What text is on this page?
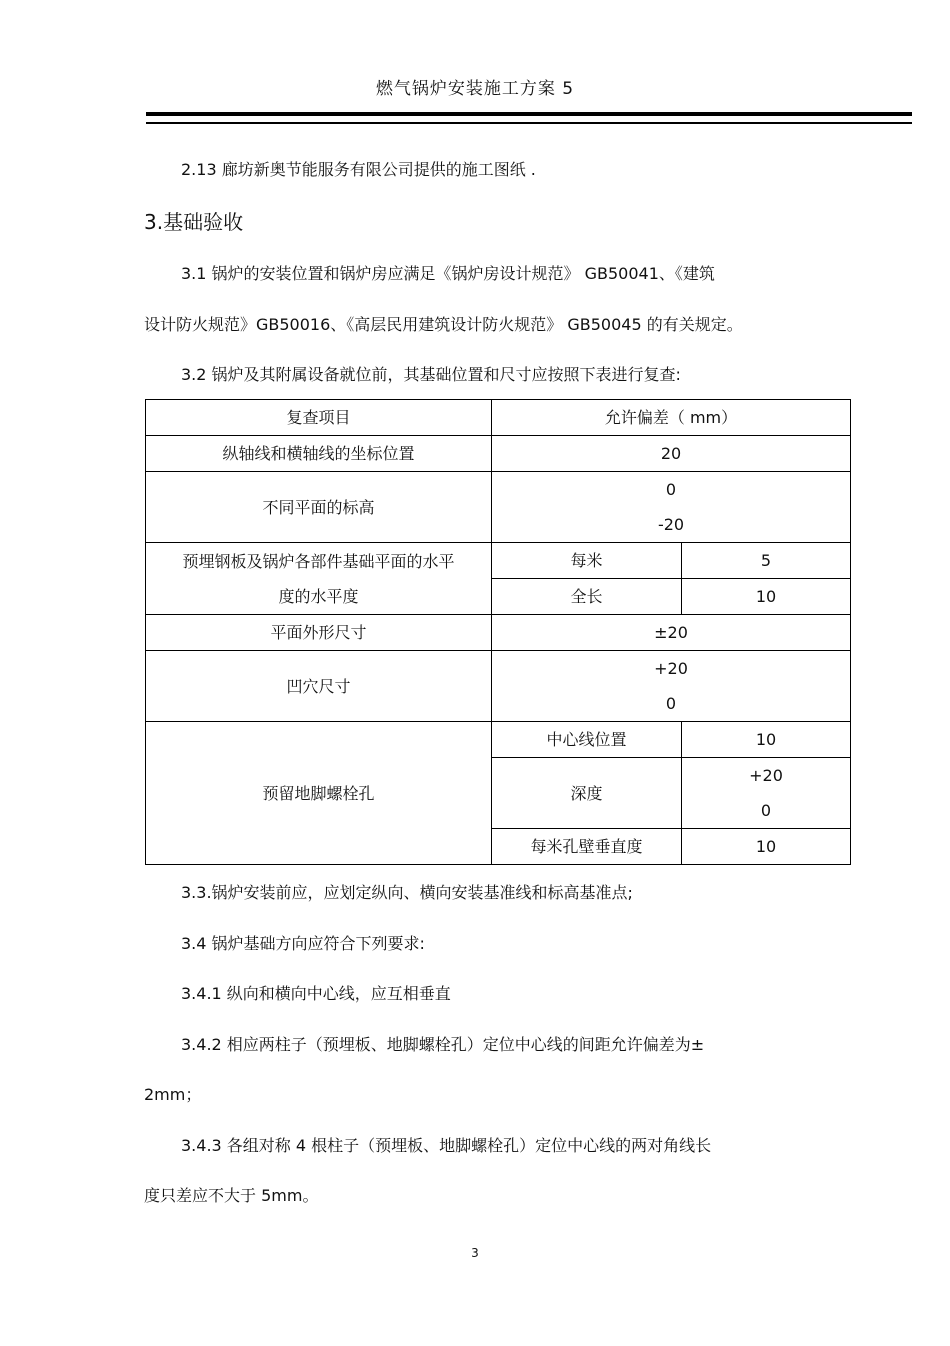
燃气锅炉安装施工方案 5
2.13 廊坊新奥节能服务有限公司提供的施工图纸 .
3.基础验收
3.1 锅炉的安装位置和锅炉房应满足《锅炉房设计规范》 GB50041、《建筑
设计防火规范》GB50016、《高层民用建筑设计防火规范》 GB50045 的有关规定。
3.2 锅炉及其附属设备就位前，其基础位置和尺寸应按照下表进行复查:
复查项目	允许偏差（ mm）	
纵轴线和横轴线的坐标位置	20	
不同平面的标高	0
-20	

预埋钢板及锅炉各部件基础平面的水平
度的水平度	每米	5
	全长	10
平面外形尺寸	±20	
凹穴尺寸	+20
0	

预留地脚螺栓孔	中心线位置	10
	深度	+20
0

	每米孔壁垂直度	10
3.3.锅炉安装前应，应划定纵向、横向安装基准线和标高基准点;
3.4 锅炉基础方向应符合下列要求:
3.4.1 纵向和横向中心线，应互相垂直
3.4.2 相应两柱子（预埋板、地脚螺栓孔）定位中心线的间距允许偏差为±
2mm；
3.4.3 各组对称 4 根柱子（预埋板、地脚螺栓孔）定位中心线的两对角线长
度只差应不大于 5mm。
3
